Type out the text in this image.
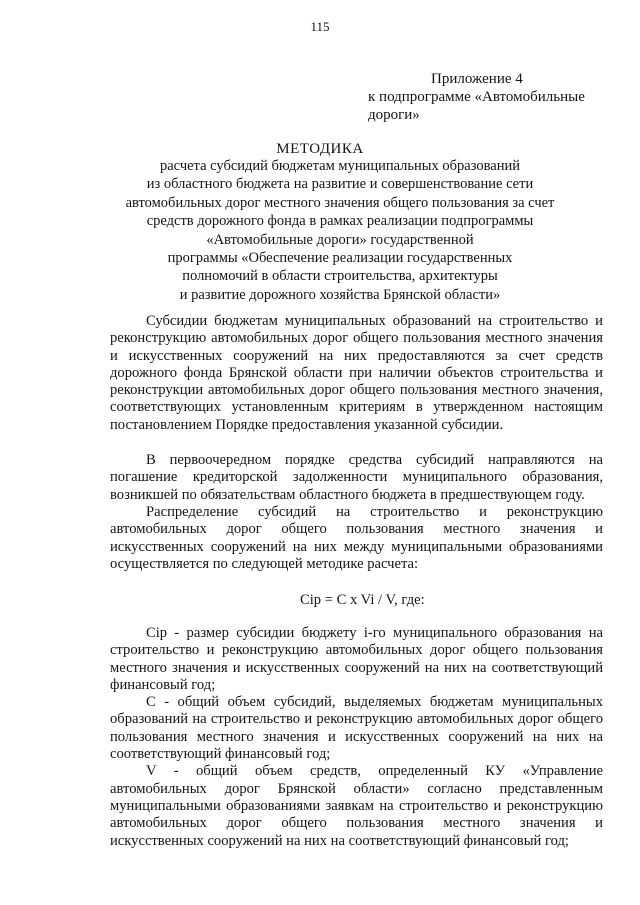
115
Приложение 4
к подпрограмме «Автомобильные
дороги»
МЕТОДИКА
расчета субсидий бюджетам муниципальных образований
из областного бюджета на развитие и совершенствование сети
автомобильных дорог местного значения общего пользования за счет
средств дорожного фонда в рамках реализации подпрограммы
«Автомобильные дороги» государственной
программы «Обеспечение реализации государственных
полномочий в области строительства, архитектуры
и развитие дорожного хозяйства Брянской области»

Субсидии бюджетам муниципальных образований на строительство и реконструкцию автомобильных дорог общего пользования местного значения и искусственных сооружений на них предоставляются за счет средств дорожного фонда Брянской области при наличии объектов строительства и реконструкции автомобильных дорог общего пользования местного значения, соответствующих установленным критериям в утвержденном настоящим постановлением Порядке предоставления указанной субсидии.

В первоочередном порядке средства субсидий направляются на погашение кредиторской задолженности муниципального образования, возникшей по обязательствам областного бюджета в предшествующем году.

Распределение субсидий на строительство и реконструкцию автомобильных дорог общего пользования местного значения и искусственных сооружений на них между муниципальными образованиями осуществляется по следующей методике расчета:

Cip = C x Vi / V, где:

Cip - размер субсидии бюджету i-го муниципального образования на строительство и реконструкцию автомобильных дорог общего пользования местного значения и искусственных сооружений на них на соответствующий финансовый год;

C - общий объем субсидий, выделяемых бюджетам муниципальных образований на строительство и реконструкцию автомобильных дорог общего пользования местного значения и искусственных сооружений на них на соответствующий финансовый год;

V - общий объем средств, определенный КУ «Управление автомобильных дорог Брянской области» согласно представленным муниципальными образованиями заявкам на строительство и реконструкцию автомобильных дорог общего пользования местного значения и искусственных сооружений на них на соответствующий финансовый год;
